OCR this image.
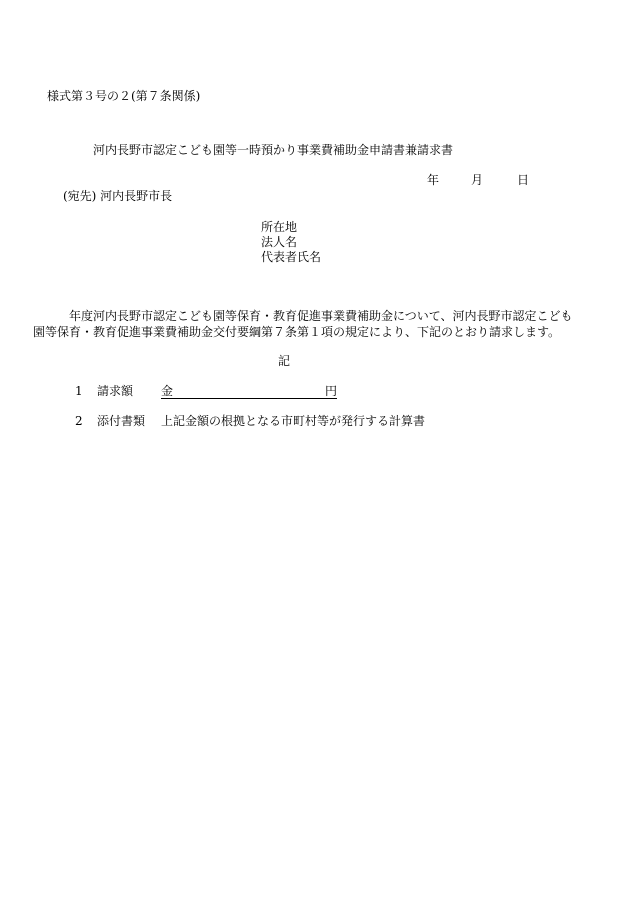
様式第３号の２(第７条関係)
河内長野市認定こども園等一時預かり事業費補助金申請書兼請求書
年	月	日
(宛先) 河内長野市長
所在地
法人名
代表者氏名
年度河内長野市認定こども園等保育・教育促進事業費補助金について、河内長野市認定こども
園等保育・教育促進事業費補助金交付要綱第７条第１項の規定により、下記のとおり請求します。
記
1 請求額 金	円
2 添付書類 上記金額の根拠となる市町村等が発行する計算書
